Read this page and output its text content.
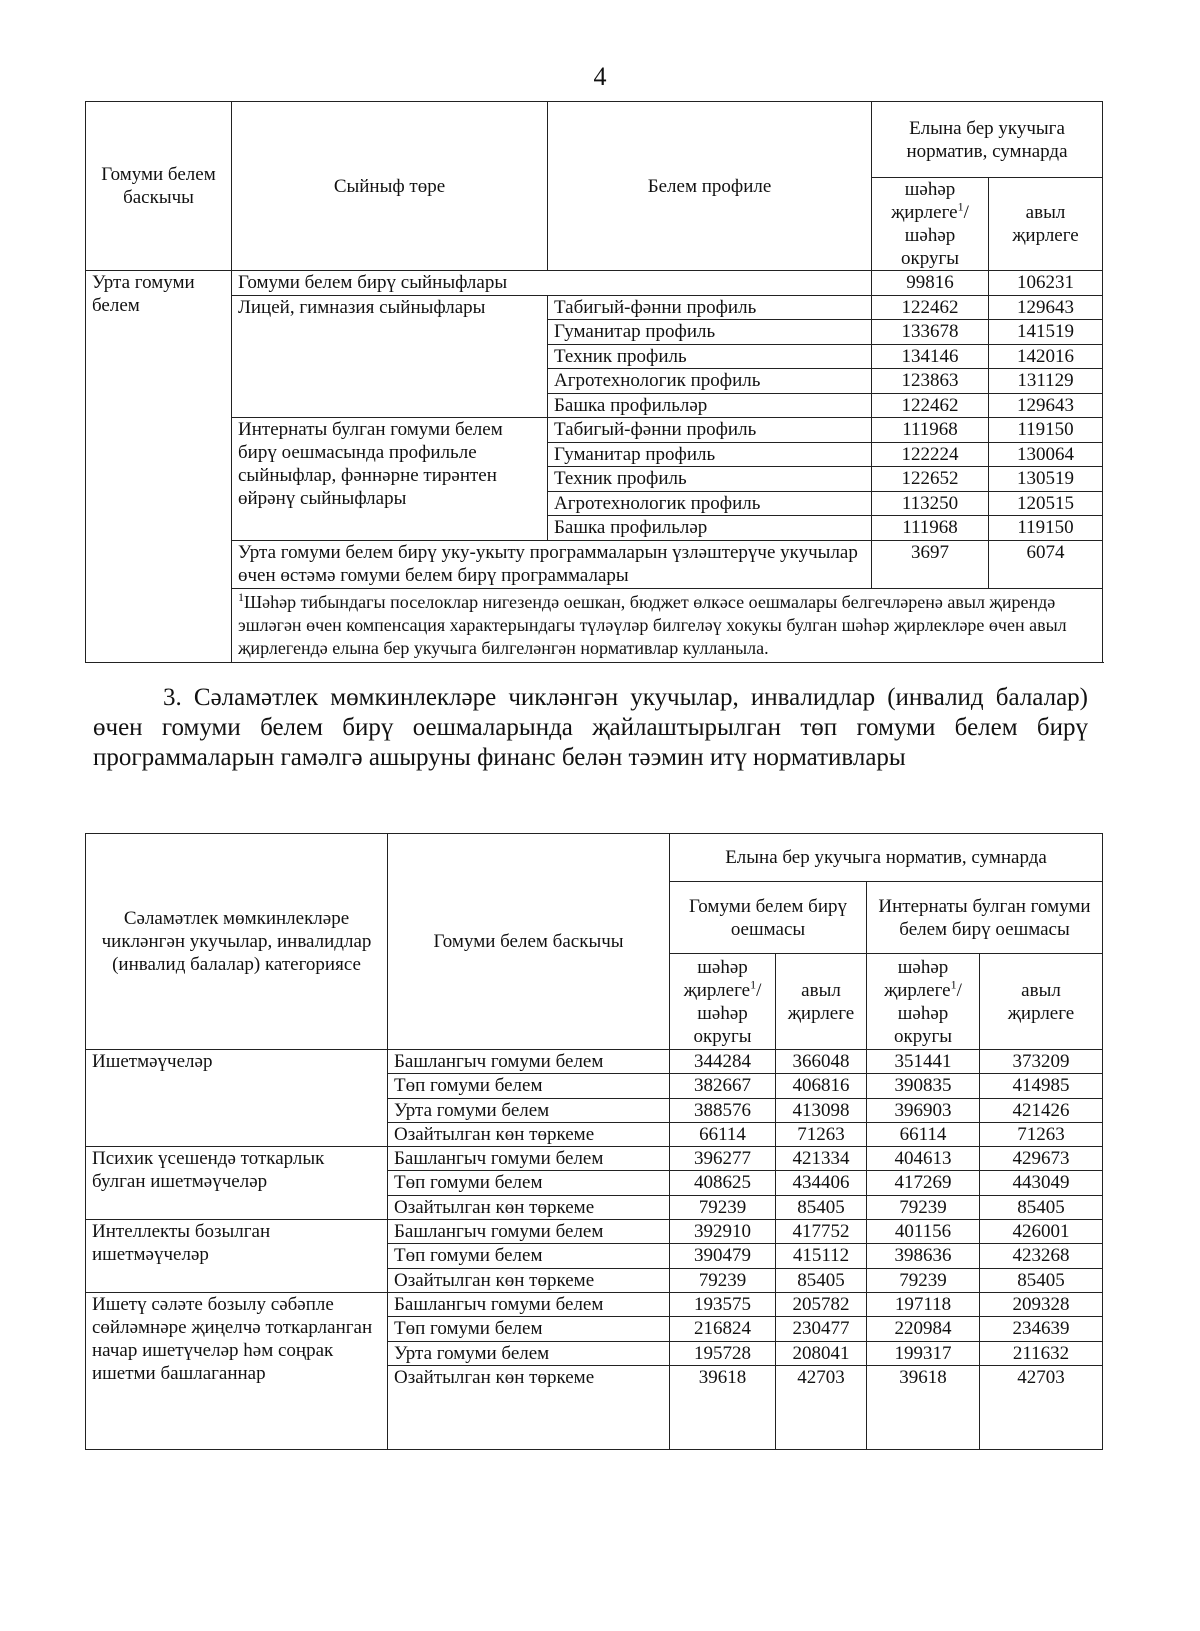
4
Гомуми белем баскычы	Сыйныф төре	Белем профиле	Елына бер укучыга норматив, сумнарда	
			шәһәр җирлеге$^1$/ шәһәр округы	авыл җирлеге
Урта гомуми белем	Гомуми белем бирү сыйныфлары		99816	106231
	Лицей, гимназия сыйныфлары	Табигый-фәнни профиль	122462	129643
		Гуманитар профиль	133678	141519
		Техник профиль	134146	142016
		Агротехнологик профиль	123863	131129
		Башка профильләр	122462	129643
	Интернаты булган гомуми белем бирү оешмасында профильле сыйныфлар, фәннәрне тирәнтен өйрәнү сыйныфлары	Табигый-фәнни профиль	111968	119150
		Гуманитар профиль	122224	130064
		Техник профиль	122652	130519
		Агротехнологик профиль	113250	120515
		Башка профильләр	111968	119150
	Урта гомуми белем бирү уку-укыту программаларын үзләштерүче укучылар өчен өстәмә гомуми белем бирү программалары		3697	6074
	$^1$Шәһәр тибындагы поселоклар нигезендә оешкан, бюджет өлкәсе оешмалары белгечләренә авыл җирендә эшләгән өчен компенсация характерындагы түләүләр билгеләү хокукы булган шәһәр җирлекләре өчен авыл җирлегендә елына бер укучыга билгеләнгән нормативлар кулланыла.			
3. Сәламәтлек мөмкинлекләре чикләнгән укучылар, инвалидлар (инвалид балалар) өчен гомуми белем бирү оешмаларында җайлаштырылган төп гомуми белем бирү программаларын гамәлгә ашыруны финанс белән тәэмин итү нормативлары
Сәламәтлек мөмкинлекләре чикләнгән укучылар, инвалидлар (инвалид балалар) категориясе	Гомуми белем баскычы	Елына бер укучыга норматив, сумнарда			
		Гомуми белем бирү оешмасы		Интернаты булган гомуми белем бирү оешмасы	
		шәһәр җирлеге$^1$/ шәһәр округы	авыл җирлеге	шәһәр җирлеге$^1$/ шәһәр округы	авыл җирлеге
Ишетмәүчеләр	Башлангыч гомуми белем	344284	366048	351441	373209
	Төп гомуми белем	382667	406816	390835	414985
	Урта гомуми белем	388576	413098	396903	421426
	Озайтылган көн төркеме	66114	71263	66114	71263
Психик үсешендә тоткарлык булган ишетмәүчеләр	Башлангыч гомуми белем	396277	421334	404613	429673
	Төп гомуми белем	408625	434406	417269	443049
	Озайтылган көн төркеме	79239	85405	79239	85405
Интеллекты бозылган ишетмәүчеләр	Башлангыч гомуми белем	392910	417752	401156	426001
	Төп гомуми белем	390479	415112	398636	423268
	Озайтылган көн төркеме	79239	85405	79239	85405
Ишетү сәләте бозылу сәбәпле сөйләмнәре җиңелчә тоткарланган начар ишетүчеләр һәм соңрак ишетми башлаганнар	Башлангыч гомуми белем	193575	205782	197118	209328
	Төп гомуми белем	216824	230477	220984	234639
	Урта гомуми белем	195728	208041	199317	211632
	Озайтылган көн төркеме	39618	42703	39618	42703
